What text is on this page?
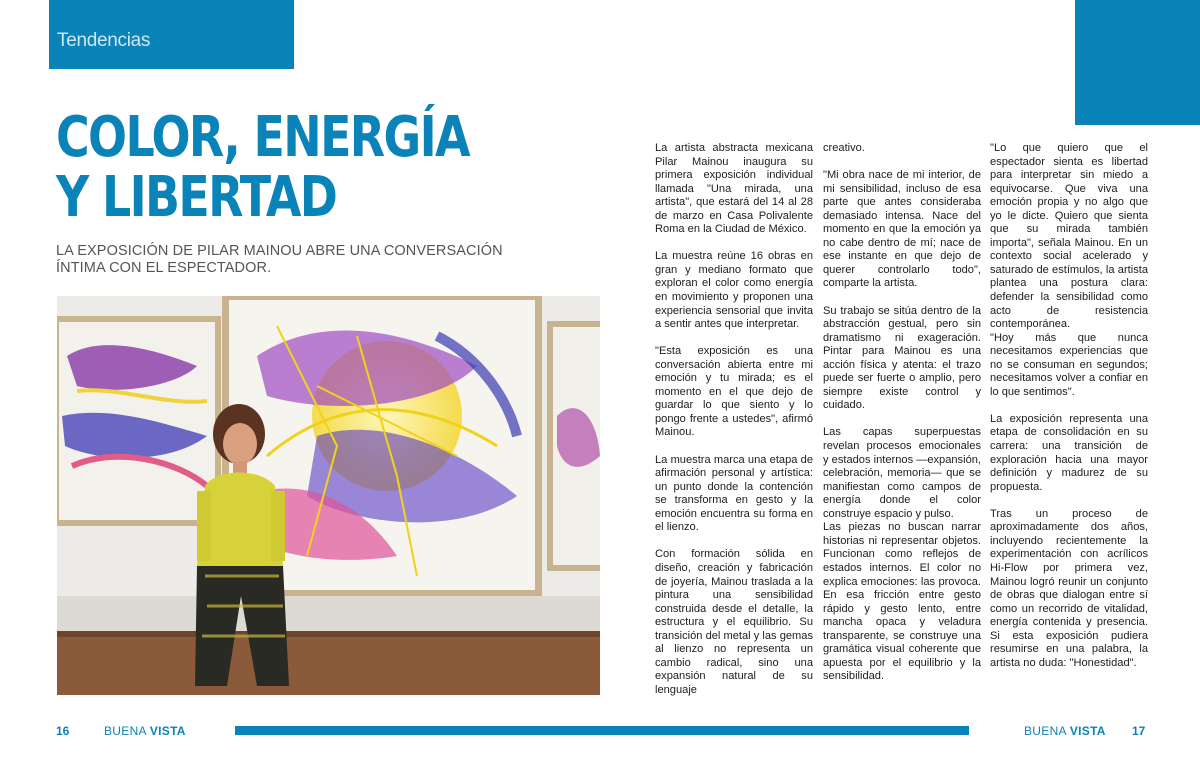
Tendencias
COLOR, ENERGÍA
Y LIBERTAD
LA EXPOSICIÓN DE PILAR MAINOU ABRE UNA CONVERSACIÓN ÍNTIMA CON EL ESPECTADOR.

La artista abstracta mexicana Pilar Mainou inaugura su primera exposición individual llamada "Una mirada, una artista", que estará del 14 al 28 de marzo en Casa Polivalente Roma en la Ciudad de México.

La muestra reúne 16 obras en gran y mediano formato que exploran el color como energía en movimiento y proponen una experiencia sensorial que invita a sentir antes que interpretar.

"Esta exposición es una conversación abierta entre mi emoción y tu mirada; es el momento en el que dejo de guardar lo que siento y lo pongo frente a ustedes", afirmó Mainou.

La muestra marca una etapa de afirmación personal y artística: un punto donde la contención se transforma en gesto y la emoción encuentra su forma en el lienzo.

Con formación sólida en diseño, creación y fabricación de joyería, Mainou traslada a la pintura una sensibilidad construida desde el detalle, la estructura y el equilibrio. Su transición del metal y las gemas al lienzo no representa un cambio radical, sino una expansión natural de su lenguaje

creativo.

"Mi obra nace de mi interior, de mi sensibilidad, incluso de esa parte que antes consideraba demasiado intensa. Nace del momento en que la emoción ya no cabe dentro de mí; nace de ese instante en que dejo de querer controlarlo todo", comparte la artista.

Su trabajo se sitúa dentro de la abstracción gestual, pero sin dramatismo ni exageración. Pintar para Mainou es una acción física y atenta: el trazo puede ser fuerte o amplio, pero siempre existe control y cuidado.

Las capas superpuestas revelan procesos emocionales y estados internos —expansión, celebración, memoria— que se manifiestan como campos de energía donde el color construye espacio y pulso.

Las piezas no buscan narrar historias ni representar objetos. Funcionan como reflejos de estados internos. El color no explica emociones: las provoca. En esa fricción entre gesto rápido y gesto lento, entre mancha opaca y veladura transparente, se construye una gramática visual coherente que apuesta por el equilibrio y la sensibilidad.

"Lo que quiero que el espectador sienta es libertad para interpretar sin miedo a equivocarse. Que viva una emoción propia y no algo que yo le dicte. Quiero que sienta que su mirada también importa", señala Mainou. En un contexto social acelerado y saturado de estímulos, la artista plantea una postura clara: defender la sensibilidad como acto de resistencia contemporánea.

"Hoy más que nunca necesitamos experiencias que no se consuman en segundos; necesitamos volver a confiar en lo que sentimos".

La exposición representa una etapa de consolidación en su carrera: una transición de exploración hacia una mayor definición y madurez de su propuesta.

Tras un proceso de aproximadamente dos años, incluyendo recientemente la experimentación con acrílicos Hi-Flow por primera vez, Mainou logró reunir un conjunto de obras que dialogan entre sí como un recorrido de vitalidad, energía contenida y presencia. Si esta exposición pudiera resumirse en una palabra, la artista no duda: "Honestidad".

16	BUENA VISTA	BUENA VISTA 17
